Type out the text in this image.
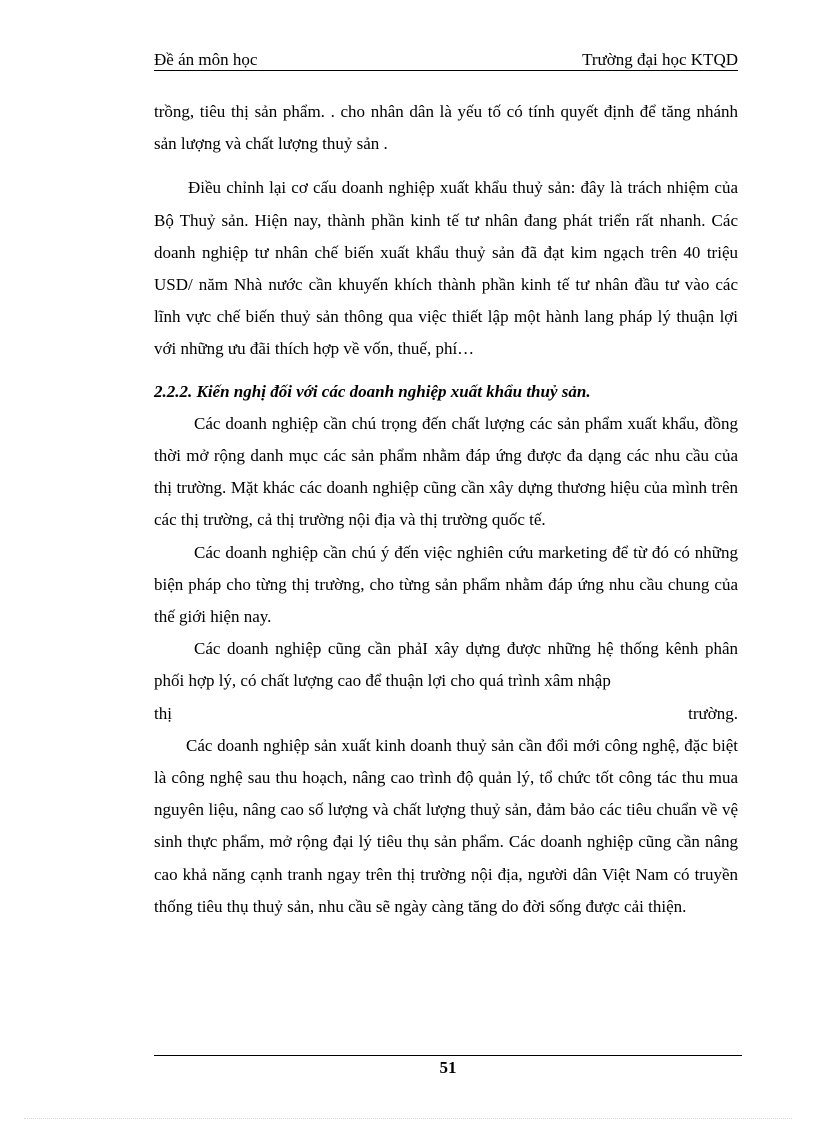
Đề án môn học	Trường đại học KTQD

trồng, tiêu thị sản phẩm. . cho nhân dân là yếu tố có tính quyết định để tăng nhánh sản lượng và chất lượng thuỷ sản .

Điều chỉnh lại cơ cấu doanh nghiệp xuất khẩu thuỷ sản: đây là trách nhiệm của Bộ Thuỷ sản. Hiện nay, thành phần kinh tế tư nhân đang phát triển rất nhanh. Các doanh nghiệp tư nhân chế biến xuất khẩu thuỷ sản đã đạt kim ngạch trên 40 triệu USD/ năm Nhà nước cần khuyến khích thành phần kinh tế tư nhân đầu tư vào các lĩnh vực chế biến thuỷ sản thông qua việc thiết lập một hành lang pháp lý thuận lợi với những ưu đãi thích hợp về vốn, thuế, phí…

2.2.2. Kiến nghị đối với các doanh nghiệp xuất khẩu thuỷ sản.

Các doanh nghiệp cần chú trọng đến chất lượng các sản phẩm xuất khẩu, đồng thời mở rộng danh mục các sản phẩm nhằm đáp ứng được đa dạng các nhu cầu của thị trường. Mặt khác các doanh nghiệp cũng cần xây dựng thương hiệu của mình trên các thị trường, cả thị trường nội địa và thị trường quốc tế.

Các doanh nghiệp cần chú ý đến việc nghiên cứu marketing để từ đó có những biện pháp cho từng thị trường, cho từng sản phẩm nhằm đáp ứng nhu cầu chung của thế giới hiện nay.

Các doanh nghiệp cũng cần phảI xây dựng được những hệ thống kênh phân phối hợp lý, có chất lượng cao để thuận lợi cho quá trình xâm nhập

thị	trường.

Các doanh nghiệp sản xuất kinh doanh thuỷ sản cần đổi mới công nghệ, đặc biệt là công nghệ sau thu hoạch, nâng cao trình độ quản lý, tổ chức tốt công tác thu mua nguyên liệu, nâng cao số lượng và chất lượng thuỷ sản, đảm bảo các tiêu chuẩn về vệ sinh thực phẩm, mở rộng đại lý tiêu thụ sản phẩm. Các doanh nghiệp cũng cần nâng cao khả năng cạnh tranh ngay trên thị trường nội địa, người dân Việt Nam có truyền thống tiêu thụ thuỷ sản, nhu cầu sẽ ngày càng tăng do đời sống được cải thiện.

51
